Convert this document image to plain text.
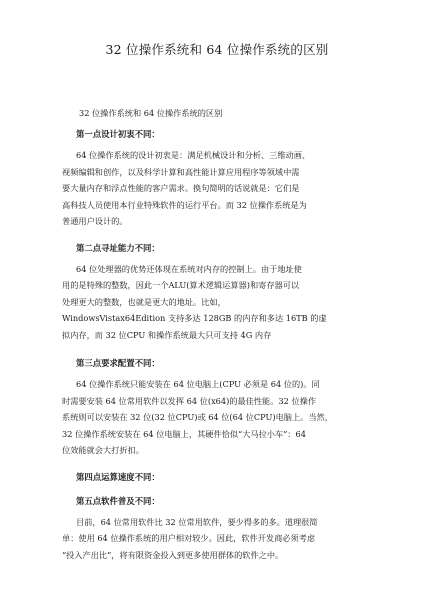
32 位操作系统和 64 位操作系统的区别

32 位操作系统和 64 位操作系统的区别

第一点设计初衷不同：

64 位操作系统的设计初衷是：满足机械设计和分析、三维动画、
视频编辑和创作，以及科学计算和高性能计算应用程序等领域中需
要大量内存和浮点性能的客户需求。换句简明的话说就是：它们是
高科技人员使用本行业特殊软件的运行平台。而 32 位操作系统是为
普通用户设计的。

第二点寻址能力不同：

64 位处理器的优势还体现在系统对内存的控制上。由于地址使
用的是特殊的整数，因此一个ALU(算术逻辑运算器)和寄存器可以
处理更大的整数，也就是更大的地址。比如，
WindowsVistax64Edition 支持多达 128GB 的内存和多达 16TB 的虚
拟内存，而 32 位CPU 和操作系统最大只可支持 4G 内存

第三点要求配置不同：

64 位操作系统只能安装在 64 位电脑上(CPU 必须是 64 位的)。同
时需要安装 64 位常用软件以发挥 64 位(x64)的最佳性能。32 位操作
系统则可以安装在 32 位(32 位CPU)或 64 位(64 位CPU)电脑上。当然，
32 位操作系统安装在 64 位电脑上，其硬件恰似“大马拉小车”：64
位效能就会大打折扣。

第四点运算速度不同：

第五点软件普及不同：

目前，64 位常用软件比 32 位常用软件，要少得多的多。道理很简
单：使用 64 位操作系统的用户相对较少。因此，软件开发商必须考虑
“投入产出比”，将有限资金投入到更多使用群体的软件之中。
